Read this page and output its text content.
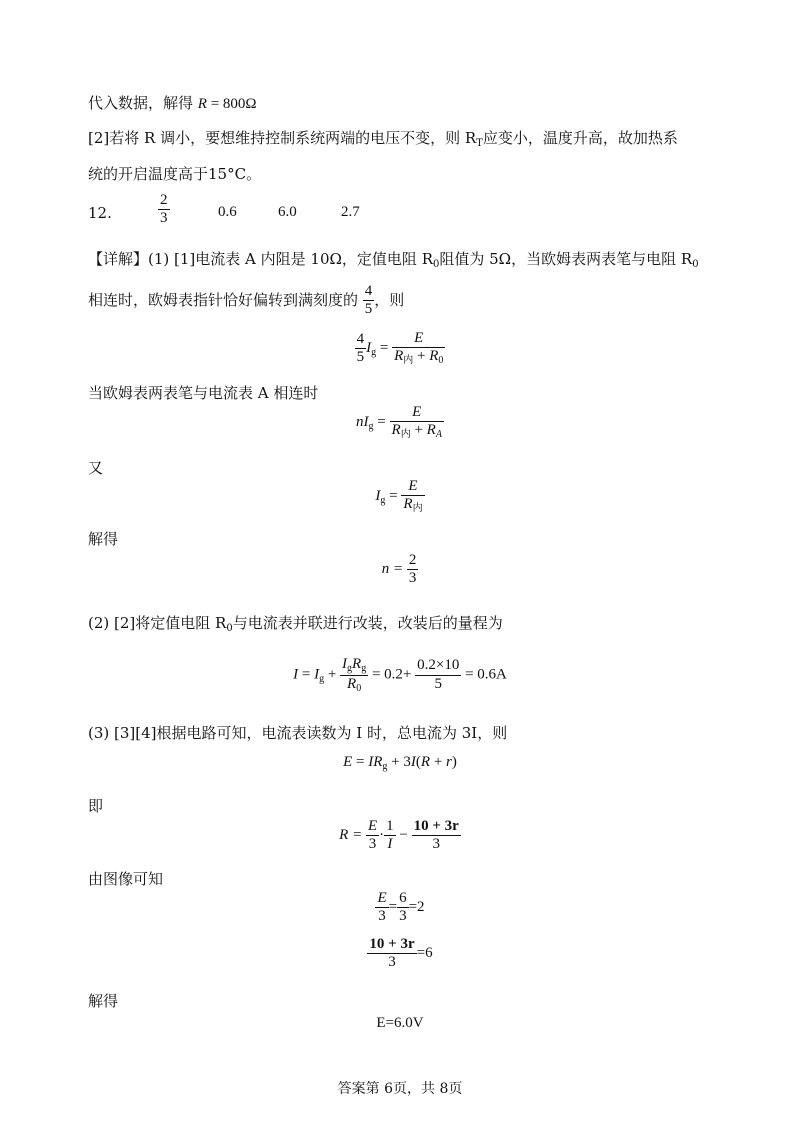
代入数据，解得 R = 800Ω
[2]若将 R 调小，要想维持控制系统两端的电压不变，则 $R_T$应变小，温度升高，故加热系
统的开启温度高于15°C。
12.	$\frac{2}{3}$	0.6	6.0	2.7
【详解】(1) [1]电流表 A 内阻是 10Ω，定值电阻 $R_0$阻值为 5Ω，当欧姆表两表笔与电阻 $R_0$
相连时，欧姆表指针恰好偏转到满刻度的 $\frac{4}{5}$ ，则
$\frac{4}{5} I_g = \frac{E}{R_内 + R_0}$
当欧姆表两表笔与电流表 A 相连时
$nI_g = \frac{E}{R_内 + R_A}$
又
$I_g = \frac{E}{R_内}$
解得
$n = \frac{2}{3}$
(2) [2]将定值电阻 $R_0$与电流表并联进行改装，改装后的量程为
$I = I_g + \frac{I_gR_g}{R_0} = 0.2+ \frac{0.2\times 10}{5} = 0.6A$
(3) [3][4]根据电路可知，电流表读数为 I 时，总电流为 3I，则
$E = IR_g + 3I(R + r)$
即
$R = \frac{E}{3} \cdot \frac{1}{I} - \frac{10 + 3r}{3}$
由图像可知
$\frac{E}{3} = \frac{6}{3} =2$
$\frac{10 + 3r}{3} =6$
解得
E=6.0V
答案第 6页，共 8页
